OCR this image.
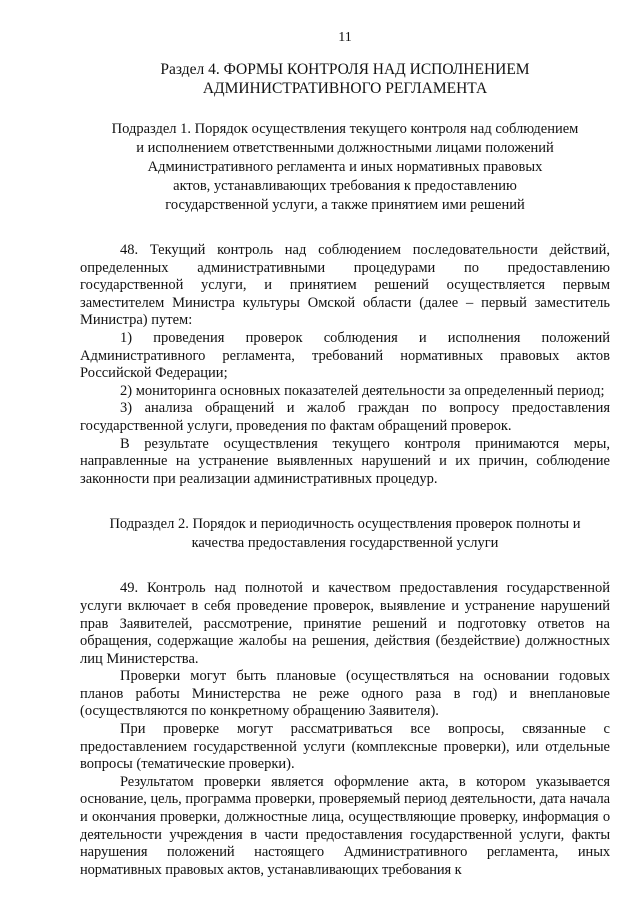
11

Раздел 4. ФОРМЫ КОНТРОЛЯ НАД ИСПОЛНЕНИЕМ

АДМИНИСТРАТИВНОГО РЕГЛАМЕНТА

Подраздел 1. Порядок осуществления текущего контроля над соблюдением

и исполнением ответственными должностными лицами положений

Административного регламента и иных нормативных правовых

актов, устанавливающих требования к предоставлению

государственной услуги, а также принятием ими решений

48. Текущий контроль над соблюдением последовательности действий, определенных административными процедурами по предоставлению государственной услуги, и принятием решений осуществляется первым заместителем Министра культуры Омской области (далее – первый заместитель Министра) путем:

1) проведения проверок соблюдения и исполнения положений Административного регламента, требований нормативных правовых актов Российской Федерации;

2) мониторинга основных показателей деятельности за определенный период;

3) анализа обращений и жалоб граждан по вопросу предоставления государственной услуги, проведения по фактам обращений проверок.

В результате осуществления текущего контроля принимаются меры, направленные на устранение выявленных нарушений и их причин, соблюдение законности при реализации административных процедур.

Подраздел 2. Порядок и периодичность осуществления проверок полноты и

качества предоставления государственной услуги

49. Контроль над полнотой и качеством предоставления государственной услуги включает в себя проведение проверок, выявление и устранение нарушений прав Заявителей, рассмотрение, принятие решений и подготовку ответов на обращения, содержащие жалобы на решения, действия (бездействие) должностных лиц Министерства.

Проверки могут быть плановые (осуществляться на основании годовых планов работы Министерства не реже одного раза в год) и внеплановые (осуществляются по конкретному обращению Заявителя).

При проверке могут рассматриваться все вопросы, связанные с предоставлением государственной услуги (комплексные проверки), или отдельные вопросы (тематические проверки).

Результатом проверки является оформление акта, в котором указывается основание, цель, программа проверки, проверяемый период деятельности, дата начала и окончания проверки, должностные лица, осуществляющие проверку, информация о деятельности учреждения в части предоставления государственной услуги, факты нарушения положений настоящего Административного регламента, иных нормативных правовых актов, устанавливающих требования к
